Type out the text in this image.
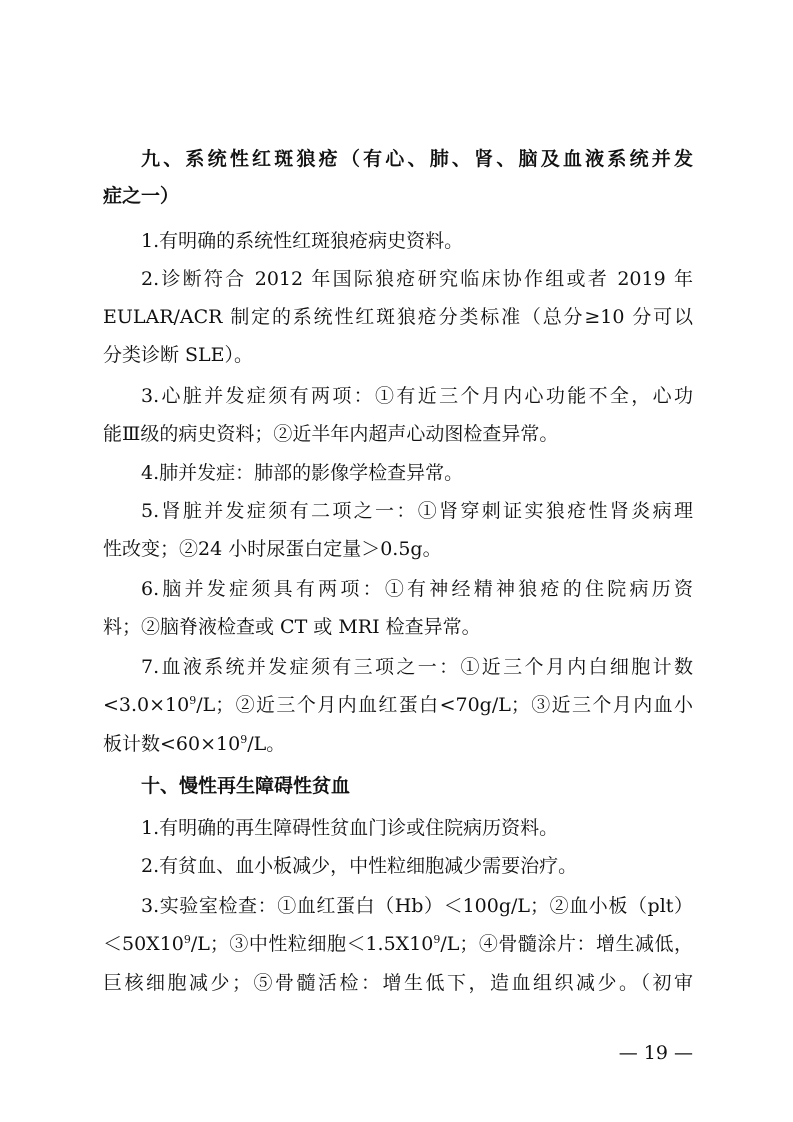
九、系统性红斑狼疮（有心、肺、肾、脑及血液系统并发
症之一）
1.有明确的系统性红斑狼疮病史资料。
2.诊断符合 2012 年国际狼疮研究临床协作组或者 2019 年
EULAR/ACR 制定的系统性红斑狼疮分类标准（总分≥10 分可以
分类诊断 SLE）。
3.心脏并发症须有两项：①有近三个月内心功能不全，心功
能Ⅲ级的病史资料；②近半年内超声心动图检查异常。
4.肺并发症：肺部的影像学检查异常。
5.肾脏并发症须有二项之一：①肾穿刺证实狼疮性肾炎病理
性改变；②24 小时尿蛋白定量＞0.5g。
6.脑并发症须具有两项：①有神经精神狼疮的住院病历资
料；②脑脊液检查或 CT 或 MRI 检查异常。
7.血液系统并发症须有三项之一：①近三个月内白细胞计数
$<3.0\times 10^9/L$；②近三个月内血红蛋白<70g/L；③近三个月内血小
板计数$<60\times 10^9/L$。
十、慢性再生障碍性贫血
1.有明确的再生障碍性贫血门诊或住院病历资料。
2.有贫血、血小板减少，中性粒细胞减少需要治疗。
3.实验室检查：①血红蛋白（Hb）＜100g/L；②血小板（plt）
$<50X10^9/L$；③中性粒细胞$<1.5X10^9/L$；④骨髓涂片：增生减低，
巨核细胞减少；⑤骨髓活检：增生低下，造血组织减少。（初审
— 19 —
